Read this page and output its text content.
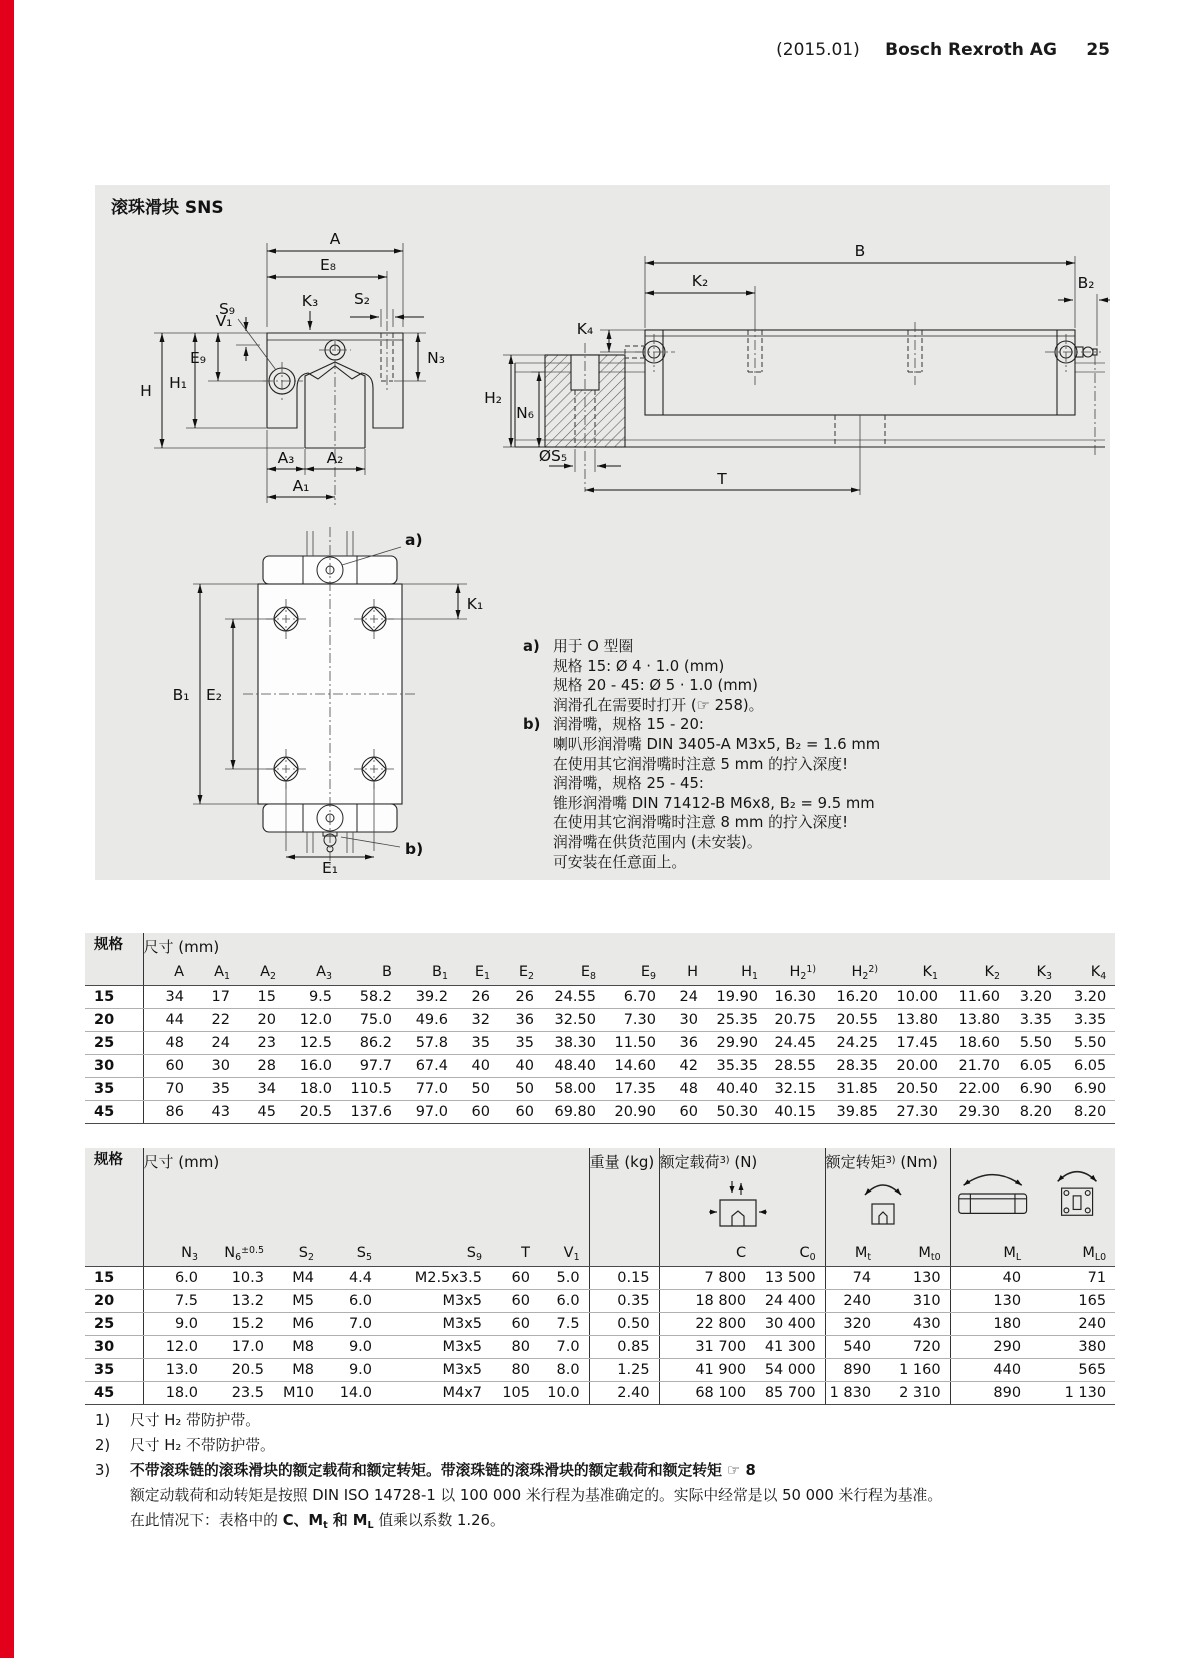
(2015.01) Bosch Rexroth AG 25
滚珠滑块 SNS
A
E₈
S₉	K₃ S₂
V₁
E₉
H₁
H
N₃
A₃ A₂
A₁
B
K₂	B₂
K₄
H₂
N₆
ØS₅
T
B₁ E₂
K₁
E₁
a)
b)
a) 用于 O 型圈
规格 15: Ø 4 · 1.0 (mm)
规格 20 - 45: Ø 5 · 1.0 (mm)
润滑孔在需要时打开 (☞ 258)。
b) 润滑嘴，规格 15 - 20:
喇叭形润滑嘴 DIN 3405-A M3x5, B₂ = 1.6 mm
在使用其它润滑嘴时注意 5 mm 的拧入深度!
润滑嘴，规格 25 - 45:
锥形润滑嘴 DIN 71412-B M6x8, B₂ = 9.5 mm
在使用其它润滑嘴时注意 8 mm 的拧入深度!
润滑嘴在供货范围内 (未安装)。
可安装在任意面上。
规格	尺寸 (mm)																	

	A	$A_1$	$A_2$	$A_3$	B	$B_1$	$E_1$	$E_2$	$E_8$	$E_9$	H	$H_1$	$H_2^{1)}$	$H_2^{2)}$	$K_1$	$K_2$	$K_3$	$K_4$
15	34	17	15	9.5	58.2	39.2	26	26	24.55	6.70	24	19.90	16.30	16.20	10.00	11.60	3.20	3.20
20	44	22	20	12.0	75.0	49.6	32	36	32.50	7.30	30	25.35	20.75	20.55	13.80	13.80	3.35	3.35
25	48	24	23	12.5	86.2	57.8	35	35	38.30	11.50	36	29.90	24.45	24.25	17.45	18.60	5.50	5.50
30	60	30	28	16.0	97.7	67.4	40	40	48.40	14.60	42	35.35	28.55	28.35	20.00	21.70	6.05	6.05
35	70	35	34	18.0	110.5	77.0	50	50	58.00	17.35	48	40.40	32.15	31.85	20.50	22.00	6.90	6.90
45	86	43	45	20.5	137.6	97.0	60	60	69.80	20.90	60	50.30	40.15	39.85	27.30	29.30	8.20	8.20
规格	尺寸 (mm)							重量 (kg)	额定载荷$^{3)}$ (N)		额定转矩$^{3)}$ (Nm)

	$N_3$	$N_6^{\pm 0.5}$	$S_2$	$S_5$	$S_9$	T	$V_1$		C	$C_0$	$M_t$	$M_{t0}$	$M_L$	$M_{L0}$
15	6.0	10.3	M4	4.4	M2.5x3.5	60	5.0	0.15	7 800	13 500	74	130	40	71
20	7.5	13.2	M5	6.0	M3x5	60	6.0	0.35	18 800	24 400	240	310	130	165
25	9.0	15.2	M6	7.0	M3x5	60	7.5	0.50	22 800	30 400	320	430	180	240
30	12.0	17.0	M8	9.0	M3x5	80	7.0	0.85	31 700	41 300	540	720	290	380
35	13.0	20.5	M8	9.0	M3x5	80	8.0	1.25	41 900	54 000	890	1 160	440	565
45	18.0	23.5	M10	14.0	M4x7	105	10.0	2.40	68 100	85 700	1 830	2 310	890	1 130
1)	尺寸 H₂ 带防护带。
2)	尺寸 H₂ 不带防护带。
3)	不带滚珠链的滚珠滑块的额定载荷和额定转矩。带滚珠链的滚珠滑块的额定载荷和额定转矩 ☞ 8
额定动载荷和动转矩是按照 DIN ISO 14728-1 以 100 000 米行程为基准确定的。实际中经常是以 50 000 米行程为基准。
在此情况下：表格中的 C、$M_t$ 和 $M_L$ 值乘以系数 1.26。
